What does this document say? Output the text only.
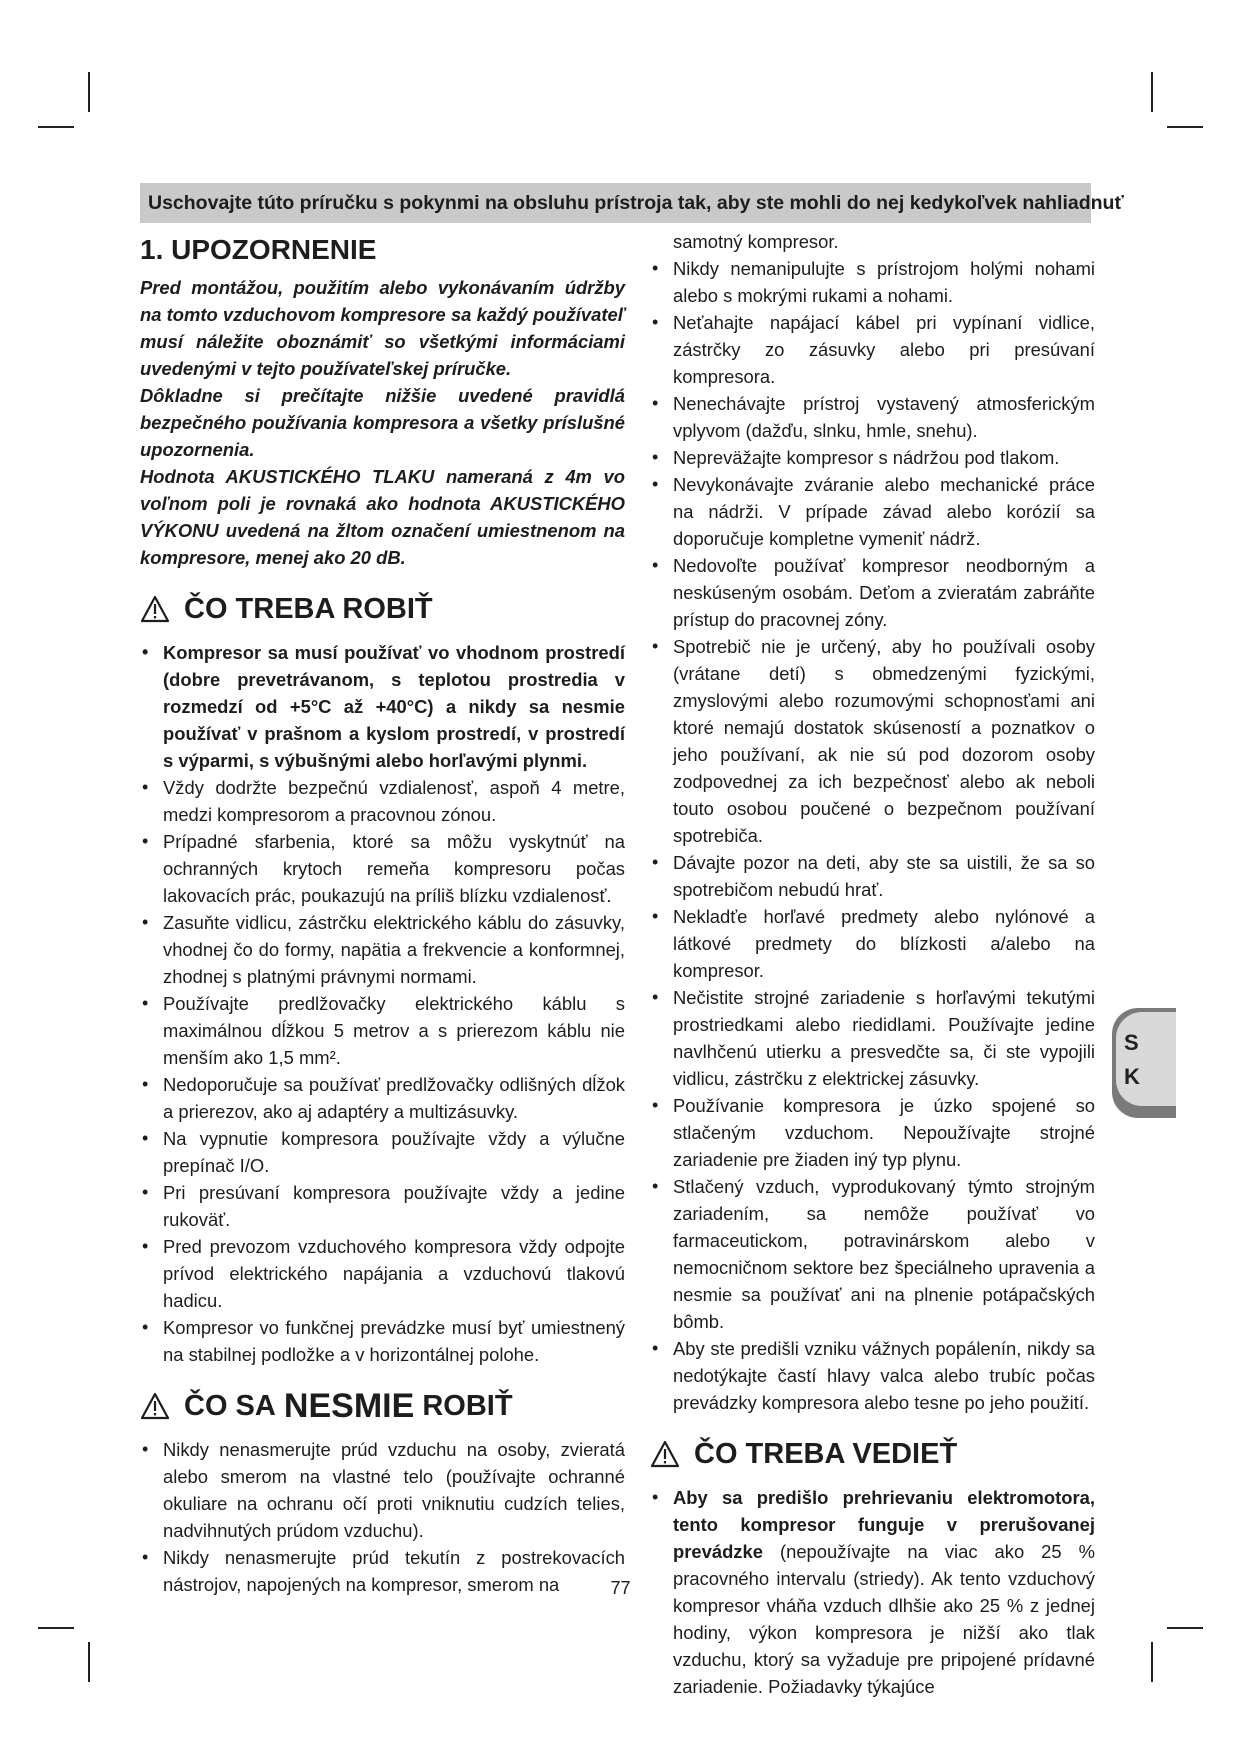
Uschovajte túto príručku s pokynmi na obsluhu prístroja tak, aby ste mohli do nej kedykoľvek nahliadnuť
1. UPOZORNENIE

Pred montážou, použitím alebo vykonávaním údržby na tomto vzduchovom kompresore sa každý používateľ musí náležite oboznámiť so všetkými informáciami uvedenými v tejto používateľskej príručke.

Dôkladne si prečítajte nižšie uvedené pravidlá bezpečného používania kompresora a všetky príslušné upozornenia.

Hodnota AKUSTICKÉHO TLAKU nameraná z 4m vo voľnom poli je rovnaká ako hodnota AKUSTICKÉHO VÝKONU uvedená na žltom označení umiestnenom na kompresore, menej ako 20 dB.

ČO TREBA ROBIŤ
• Kompresor sa musí používať vo vhodnom prostredí (dobre prevetrávanom, s teplotou prostredia v rozmedzí od +5°C až +40°C) a nikdy sa nesmie používať v prašnom a kyslom prostredí, v prostredí s výparmi, s výbušnými alebo horľavými plynmi.
• Vždy dodržte bezpečnú vzdialenosť, aspoň 4 metre, medzi kompresorom a pracovnou zónou.
• Prípadné sfarbenia, ktoré sa môžu vyskytnúť na ochranných krytoch remeňa kompresoru počas lakovacích prác, poukazujú na príliš blízku vzdialenosť.
• Zasuňte vidlicu, zástrčku elektrického káblu do zásuvky, vhodnej čo do formy, napätia a frekvencie a konformnej, zhodnej s platnými právnymi normami.
• Používajte predlžovačky elektrického káblu s maximálnou dĺžkou 5 metrov a s prierezom káblu nie menším ako 1,5 mm².
• Nedoporučuje sa používať predlžovačky odlišných dĺžok a prierezov, ako aj adaptéry a multizásuvky.
• Na vypnutie kompresora používajte vždy a výlučne prepínač I/O.
• Pri presúvaní kompresora používajte vždy a jedine rukoväť.
• Pred prevozom vzduchového kompresora vždy odpojte prívod elektrického napájania a vzduchovú tlakovú hadicu.
• Kompresor vo funkčnej prevádzke musí byť umiestnený na stabilnej podložke a v horizontálnej polohe.
ČO SA
NESMIE
ROBIŤ
• Nikdy nenasmerujte prúd vzduchu na osoby, zvieratá alebo smerom na vlastné telo (používajte ochranné okuliare na ochranu očí proti vniknutiu cudzích telies, nadvihnutých prúdom vzduchu).
• Nikdy nenasmerujte prúd tekutín z postrekovacích nástrojov, napojených na kompresor, smerom na
samotný kompresor.
• Nikdy nemanipulujte s prístrojom holými nohami alebo s mokrými rukami a nohami.
• Neťahajte napájací kábel pri vypínaní vidlice, zástrčky zo zásuvky alebo pri presúvaní kompresora.
• Nenechávajte prístroj vystavený atmosferickým vplyvom (dažďu, slnku, hmle, snehu).
• Nepreväžajte kompresor s nádržou pod tlakom.
• Nevykonávajte zváranie alebo mechanické práce na nádrži. V prípade závad alebo korózií sa doporučuje kompletne vymeniť nádrž.
• Nedovoľte používať kompresor neodborným a neskúseným osobám. Deťom a zvieratám zabráňte prístup do pracovnej zóny.
• Spotrebič nie je určený, aby ho používali osoby (vrátane detí) s obmedzenými fyzickými, zmyslovými alebo rozumovými schopnosťami ani ktoré nemajú dostatok skúseností a poznatkov o jeho používaní, ak nie sú pod dozorom osoby zodpovednej za ich bezpečnosť alebo ak neboli touto osobou poučené o bezpečnom používaní spotrebiča.
• Dávajte pozor na deti, aby ste sa uistili, že sa so spotrebičom nebudú hrať.
• Nekladťe horľavé predmety alebo nylónové a látkové predmety do blízkosti a/alebo na kompresor.
• Nečistite strojné zariadenie s horľavými tekutými prostriedkami alebo riedidlami. Používajte jedine navlhčenú utierku a presvedčte sa, či ste vypojili vidlicu, zástrčku z elektrickej zásuvky.
• Používanie kompresora je úzko spojené so stlačeným vzduchom. Nepoužívajte strojné zariadenie pre žiaden iný typ plynu.
• Stlačený vzduch, vyprodukovaný týmto strojným zariadením, sa nemôže používať vo farmaceutickom, potravinárskom alebo v nemocničnom sektore bez špeciálneho upravenia a nesmie sa používať ani na plnenie potápačských bômb.
• Aby ste predišli vzniku vážnych popálenín, nikdy sa nedotýkajte častí hlavy valca alebo trubíc počas prevádzky kompresora alebo tesne po jeho použití.
ČO TREBA VEDIEŤ
• Aby sa predišlo prehrievaniu elektromotora, tento kompresor funguje v prerušovanej prevádzke (nepoužívajte na viac ako 25 % pracovného intervalu (striedy). Ak tento vzduchový kompresor vháňa vzduch dlhšie ako 25 % z jednej hodiny, výkon kompresora je nižší ako tlak vzduchu, ktorý sa vyžaduje pre pripojené prídavné zariadenie. Požiadavky týkajúce
S
K
77
